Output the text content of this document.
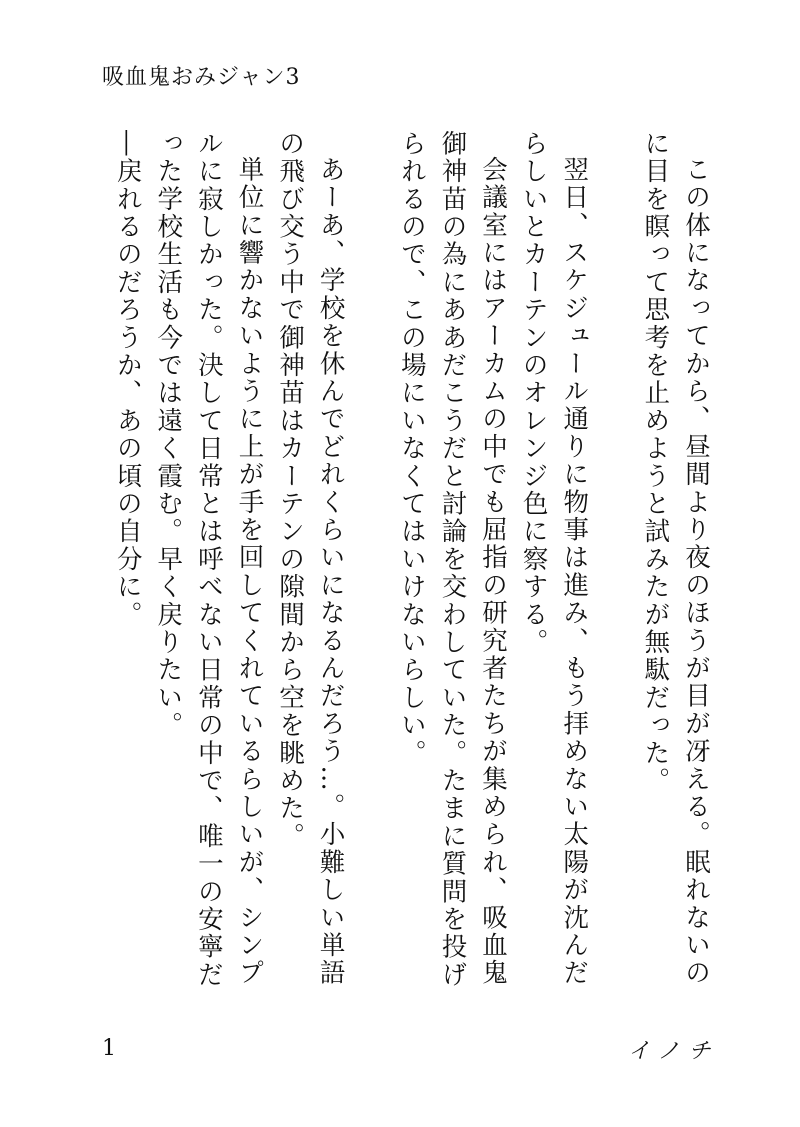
吸血鬼おみジャン3

この体になってから、昼間より夜のほうが目が冴える。眠れないのに目を瞑って思考を止めようと試みたが無駄だった。

翌日、スケジュール通りに物事は進み、もう拝めない太陽が沈んだらしいとカーテンのオレンジ色に察する。

会議室にはアーカムの中でも屈指の研究者たちが集められ、吸血鬼御神苗の為にああだこうだと討論を交わしていた。たまに質問を投げられるので、この場にいなくてはいけないらしい。

あーあ、学校を休んでどれくらいになるんだろう…。小難しい単語の飛び交う中で御神苗はカーテンの隙間から空を眺めた。

単位に響かないように上が手を回してくれているらしいが、シンプルに寂しかった。決して日常とは呼べない日常の中で、唯一の安寧だった学校生活も今では遠く霞む。早く戻りたい。

―戻れるのだろうか、あの頃の自分に。

1	イノチ
